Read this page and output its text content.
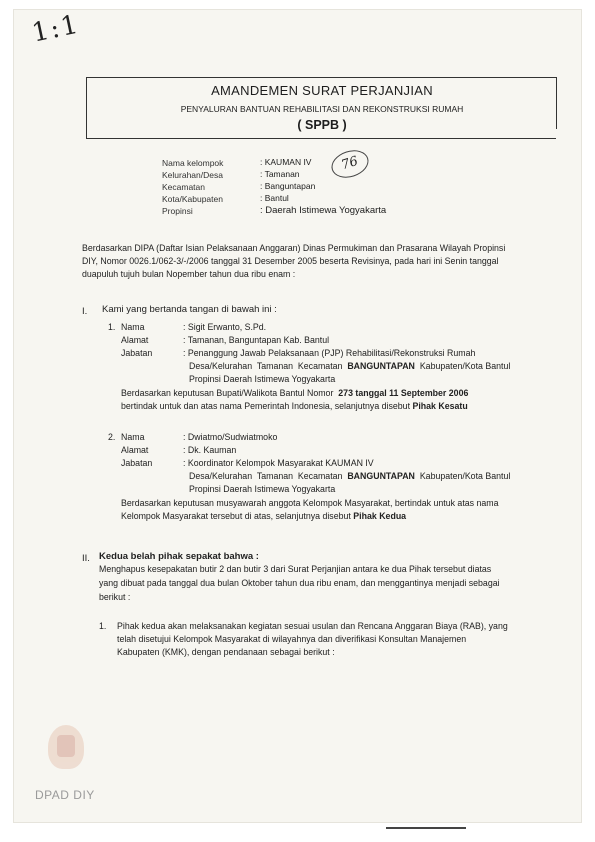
1:1
AMANDEMEN SURAT PERJANJIAN
PENYALURAN BANTUAN REHABILITASI DAN REKONSTRUKSI RUMAH
( SPPB )
76
Nama kelompok	: KAUMAN IV
Kelurahan/Desa	: Tamanan
Kecamatan	: Banguntapan
Kota/Kabupaten	: Bantul
Propinsi	: Daerah Istimewa Yogyakarta
Berdasarkan DIPA (Daftar Isian Pelaksanaan Anggaran) Dinas Permukiman dan Prasarana Wilayah Propinsi
DIY, Nomor 0026.1/062-3/-/2006 tanggal 31 Desember 2005 beserta Revisinya, pada hari ini Senin tanggal
duapuluh tujuh bulan Nopember tahun dua ribu enam :
I. Kami yang bertanda tangan di bawah ini :
1. Nama	: Sigit Erwanto, S.Pd.
Alamat	: Tamanan, Banguntapan Kab. Bantul
Jabatan	: Penanggung Jawab Pelaksanaan (PJP) Rehabilitasi/Rekonstruksi Rumah
Desa/Kelurahan Tamanan Kecamatan BANGUNTAPAN Kabupaten/Kota Bantul
Propinsi Daerah Istimewa Yogyakarta
Berdasarkan keputusan Bupati/Walikota Bantul Nomor 273 tanggal 11 September 2006
bertindak untuk dan atas nama Pemerintah Indonesia, selanjutnya disebut Pihak Kesatu
2. Nama	: Dwiatmo/Sudwiatmoko
Alamat	: Dk. Kauman
Jabatan	: Koordinator Kelompok Masyarakat KAUMAN IV
Desa/Kelurahan Tamanan Kecamatan BANGUNTAPAN Kabupaten/Kota Bantul
Propinsi Daerah Istimewa Yogyakarta
Berdasarkan keputusan musyawarah anggota Kelompok Masyarakat, bertindak untuk atas nama
Kelompok Masyarakat tersebut di atas, selanjutnya disebut Pihak Kedua
II. Kedua belah pihak sepakat bahwa :
Menghapus kesepakatan butir 2 dan butir 3 dari Surat Perjanjian antara ke dua Pihak tersebut diatas
yang dibuat pada tanggal dua bulan Oktober tahun dua ribu enam, dan menggantinya menjadi sebagai
berikut :
1. Pihak kedua akan melaksanakan kegiatan sesuai usulan dan Rencana Anggaran Biaya (RAB), yang
telah disetujui Kelompok Masyarakat di wilayahnya dan diverifikasi Konsultan Manajemen
Kabupaten (KMK), dengan pendanaan sebagai berikut :
DPAD DIY
